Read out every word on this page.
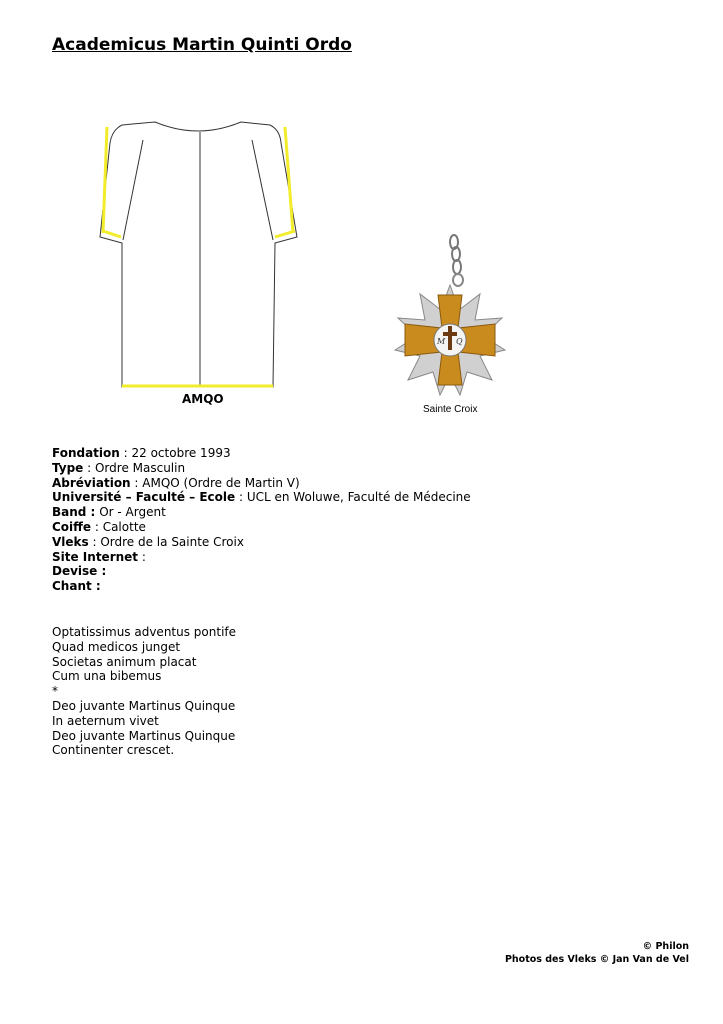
Academicus Martin Quinti Ordo
AMQO
M Q
Sainte Croix
Fondation : 22 octobre 1993
Type : Ordre Masculin
Abréviation : AMQO (Ordre de Martin V)
Université – Faculté – Ecole : UCL en Woluwe, Faculté de Médecine
Band : Or - Argent
Coiffe : Calotte
Vleks : Ordre de la Sainte Croix
Site Internet :
Devise :
Chant :
Optatissimus adventus pontife
Quad medicos junget
Societas animum placat
Cum una bibemus
*
Deo juvante Martinus Quinque
In aeternum vivet
Deo juvante Martinus Quinque
Continenter crescet.
© Philon
Photos des Vleks © Jan Van de Vel
